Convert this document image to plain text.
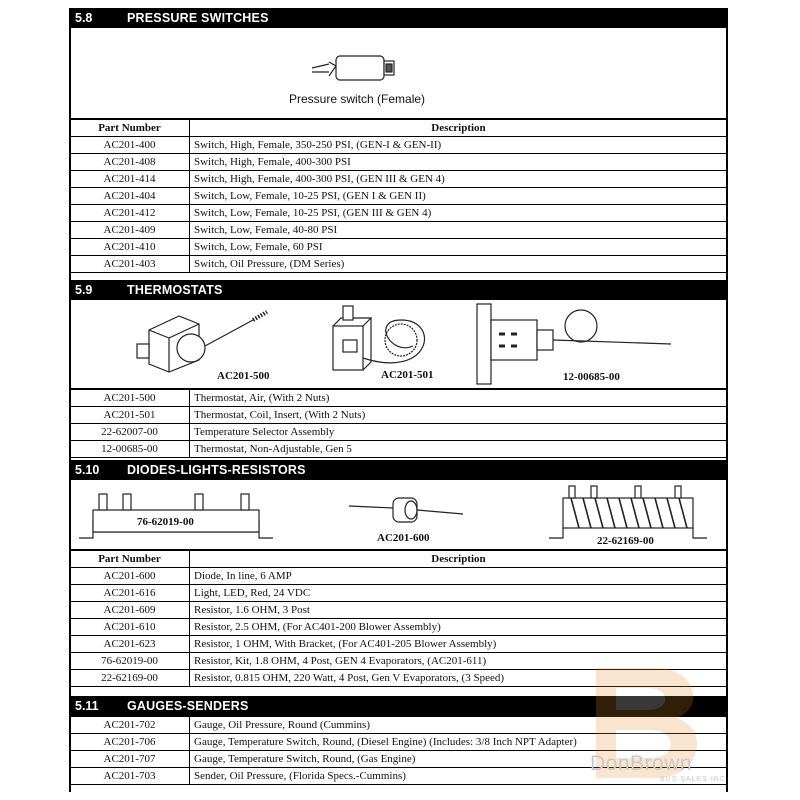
5.8	PRESSURE SWITCHES
Pressure switch (Female)
Part Number	Description
AC201-400	Switch, High, Female, 350-250 PSI, (GEN-I & GEN-II)
AC201-408	Switch, High, Female, 400-300 PSI
AC201-414	Switch, High, Female, 400-300 PSI, (GEN III & GEN 4)
AC201-404	Switch, Low, Female, 10-25 PSI, (GEN I & GEN II)
AC201-412	Switch, Low, Female, 10-25 PSI, (GEN III & GEN 4)
AC201-409	Switch, Low, Female, 40-80 PSI
AC201-410	Switch, Low, Female, 60 PSI
AC201-403	Switch, Oil Pressure, (DM Series)
5.9	THERMOSTATS
AC201-500	AC201-501	12-00685-00
AC201-500	Thermostat, Air, (With 2 Nuts)
AC201-501	Thermostat, Coil, Insert, (With 2 Nuts)
22-62007-00	Temperature Selector Assembly
12-00685-00	Thermostat, Non-Adjustable, Gen 5
5.10 DIODES-LIGHTS-RESISTORS
76-62019-00
AC201-600	22-62169-00
Part Number	Description
AC201-600	Diode, In line, 6 AMP
AC201-616	Light, LED, Red, 24 VDC
AC201-609	Resistor, 1.6 OHM, 3 Post
AC201-610	Resistor, 2.5 OHM, (For AC401-200 Blower Assembly)
AC201-623	Resistor, 1 OHM, With Bracket, (For AC401-205 Blower Assembly)
76-62019-00	Resistor, Kit, 1.8 OHM, 4 Post, GEN 4 Evaporators, (AC201-611)
22-62169-00	Resistor, 0.815 OHM, 220 Watt, 4 Post, Gen V Evaporators, (3 Speed)
5.11 GAUGES-SENDERS
AC201-702	Gauge, Oil Pressure, Round (Cummins)
AC201-706	Gauge, Temperature Switch, Round, (Diesel Engine) (Includes: 3/8 Inch NPT Adapter)
AC201-707	Gauge, Temperature Switch, Round, (Gas Engine)
AC201-703	Sender, Oil Pressure, (Florida Specs.-Cummins)
DonBrown
BUS SALES INC
